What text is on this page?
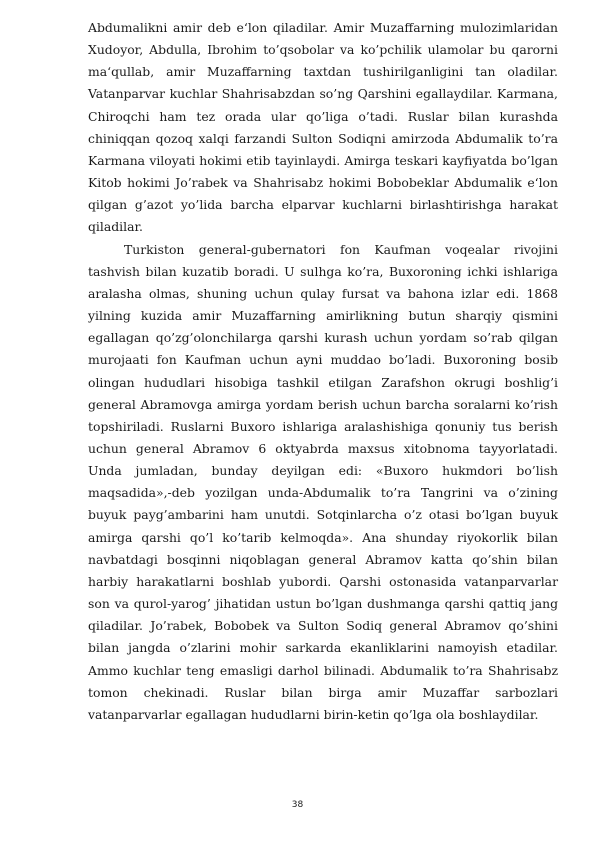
Abdumalikni amir deb e‘lon qiladilar. Amir Muzaffarning mulozimlaridan Xudoyor, Abdulla, Ibrohim to’qsobolar va ko’pchilik ulamolar bu qarorni ma‘qullab, amir Muzaffarning taxtdan tushirilganligini tan oladilar. Vatanparvar kuchlar Shahrisabzdan so’ng Qarshini egallaydilar. Karmana, Chiroqchi ham tez orada ular qo’liga o’tadi. Ruslar bilan kurashda chiniqqan qozoq xalqi farzandi Sulton Sodiqni amirzoda Abdumalik to’ra Karmana viloyati hokimi etib tayinlaydi. Amirga teskari kayfiyatda bo’lgan Kitob hokimi Jo’rabek va Shahrisabz hokimi Bobobeklar Abdumalik e‘lon qilgan g’azot yo’lida barcha elparvar kuchlarni birlashtirishga harakat qiladilar.

Turkiston general-gubernatori fon Kaufman voqealar rivojini tashvish bilan kuzatib boradi. U sulhga ko’ra, Buxoroning ichki ishlariga aralasha olmas, shuning uchun qulay fursat va bahona izlar edi. 1868 yilning kuzida amir Muzaffarning amirlikning butun sharqiy qismini egallagan qo’zg’olonchilarga qarshi kurash uchun yordam so’rab qilgan murojaati fon Kaufman uchun ayni muddao bo’ladi. Buxoroning bosib olingan hududlari hisobiga tashkil etilgan Zarafshon okrugi boshlig’i general Abramovga amirga yordam berish uchun barcha soralarni ko’rish topshiriladi. Ruslarni Buxoro ishlariga aralashishiga qonuniy tus berish uchun general Abramov 6 oktyabrda maxsus xitobnoma tayyorlatadi. Unda jumladan, bunday deyilgan edi: «Buxoro hukmdori bo’lish maqsadida»,-deb yozilgan unda-Abdumalik to’ra Tangrini va o’zining buyuk payg’ambarini ham unutdi. Sotqinlarcha o’z otasi bo’lgan buyuk amirga qarshi qo’l ko’tarib kelmoqda». Ana shunday riyokorlik bilan navbatdagi bosqinni niqoblagan general Abramov katta qo’shin bilan harbiy harakatlarni boshlab yubordi. Qarshi ostonasida vatanparvarlar son va qurol-yarog’ jihatidan ustun bo’lgan dushmanga qarshi qattiq jang qiladilar. Jo’rabek, Bobobek va Sulton Sodiq general Abramov qo’shini bilan jangda o’zlarini mohir sarkarda ekanliklarini namoyish etadilar. Ammo kuchlar teng emasligi darhol bilinadi. Abdumalik to’ra Shahrisabz tomon chekinadi. Ruslar bilan birga amir Muzaffar sarbozlari vatanparvarlar egallagan hududlarni birin-ketin qo’lga ola boshlaydilar.

38
